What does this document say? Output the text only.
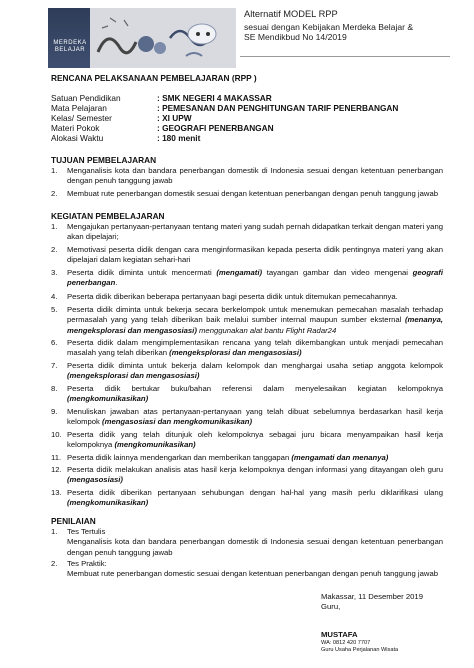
MERDEKA
BELAJAR
Alternatif MODEL RPP
sesuai dengan Kebijakan Merdeka Belajar &
SE Mendikbud No 14/2019
RENCANA PELAKSANAAN PEMBELAJARAN (RPP )
Satuan Pendidikan	: SMK NEGERI 4 MAKASSAR
Mata Pelajaran	: PEMESANAN DAN PENGHITUNGAN TARIF PENERBANGAN
Kelas/ Semester	: XI UPW
Materi Pokok	: GEOGRAFI PENERBANGAN
Alokasi Waktu	: 180 menit
TUJUAN PEMBELAJARAN
1. Menganalisis kota dan bandara penerbangan domestik di Indonesia sesuai dengan ketentuan penerbangan dengan penuh tanggung jawab
2. Membuat rute penerbangan domestik sesuai dengan ketentuan penerbangan dengan penuh tanggung jawab
KEGIATAN PEMBELAJARAN
1. Mengajukan pertanyaan-pertanyaan tentang materi yang sudah pernah didapatkan terkait dengan materi yang akan dipelajari;
2. Memotivasi peserta didik dengan cara menginformasikan kepada peserta didik pentingnya materi yang akan dipelajari dalam kegiatan sehari-hari
3. Peserta didik diminta untuk mencermati (mengamati) tayangan gambar dan video mengenai geografi penerbangan.
4. Peserta didik diberikan beberapa pertanyaan bagi peserta didik untuk ditemukan pemecahannya.
5. Peserta didik diminta untuk bekerja secara berkelompok untuk menemukan pemecahan masalah terhadap permasalah yang yang telah diberikan baik melalui sumber internal maupun sumber eksternal (menanya, mengeksplorasi dan mengasosiasi) menggunakan alat bantu Flight Radar24
6. Peserta didik dalam mengimplementasikan rencana yang telah dikembangkan untuk menjadi pemecahan masalah yang telah diberikan (mengeksplorasi dan mengasosiasi)
7. Peserta didik diminta untuk bekerja dalam kelompok dan menghargai usaha setiap anggota kelompok (mengeksplorasi dan mengasosiasi)
8. Peserta didik bertukar buku/bahan referensi dalam menyelesaikan kegiatan kelompoknya (mengkomunikasikan)
9. Menuliskan jawaban atas pertanyaan-pertanyaan yang telah dibuat sebelumnya berdasarkan hasil kerja kelompok (mengasosiasi dan mengkomunikasikan)
10. Peserta didik yang telah ditunjuk oleh kelompoknya sebagai juru bicara menyampaikan hasil kerja kelompoknya (mengkomunikasikan)
11. Peserta didik lainnya mendengarkan dan memberikan tanggapan (mengamati dan menanya)
12. Peserta didik melakukan analisis atas hasil kerja kelompoknya dengan informasi yang ditayangan oleh guru (mengasosiasi)
13. Peserta didik diberikan pertanyaan sehubungan dengan hal-hal yang masih perlu diklarifikasi ulang (mengkomunikasikan)
PENILAIAN
1. Tes Tertulis
Menganalisis kota dan bandara penerbangan domestik di Indonesia sesuai dengan ketentuan penerbangan dengan penuh tanggung jawab
2. Tes Praktik:
Membuat rute penerbangan domestic sesuai dengan ketentuan penerbangan dengan penuh tanggung jawab
Makassar, 11 Desember 2019
Guru,
MUSTAFA
WA: 0812 420 7707
Guru Usaha Perjalanan Wisata
